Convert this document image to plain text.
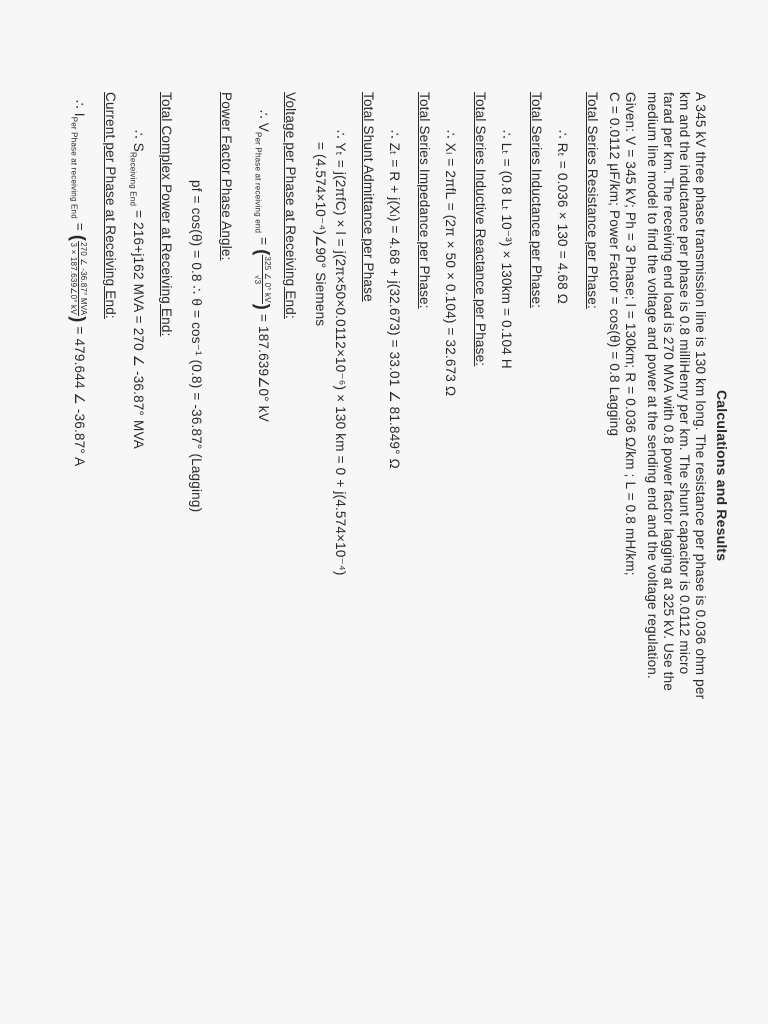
Calculations and Results
A 345 kV three phase transmission line is 130 km long. The resistance per phase is 0.036 ohm per
km and the inductance per phase is 0.8 milliHenry per km. The shunt capacitor is 0.0112 micro
farad per km. The receiving end load is 270 MVA with 0.8 power factor lagging at 325 kV. Use the
medium line model to find the voltage and power at the sending end and the voltage regulation.
Given: V = 345 kV; Ph = 3 Phase; l = 130km; R = 0.036 Ω/km ; L = 0.8 mH/km;
C = 0.0112 μF/km; Power Factor = cos(θ) = 0.8 Lagging
Total Series Resistance per Phase:
∴ Rₜ = 0.036 × 130 = 4.68 Ω
Total Series Inductance per Phase:
∴ Lₜ = (0.8 Lₜ 10⁻³) × 130km = 0.104 H
Total Series Inductive Reactance per Phase:
∴ Xₗ = 2πfL = (2π × 50 × 0.104) = 32.673 Ω
Total Series Impedance per Phase:
∴ Zₜ = R + j(Xₗ) = 4.68 + j(32.673) = 33.01 ∠ 81.849° Ω
Total Shunt Admittance per Phase
∴ Yₜ = j(2πfC) × l = j(2π×50×0.0112×10⁻⁶) × 130 km = 0 + j(4.574×10⁻⁴)
= (4.574×10⁻⁴)∠90° Siemens
Voltage per Phase at Receiving End:
∴ $V_{Per Phase at receiving end}$ = (
325 ∠ 0° kV
√3
) = 187.639∠0° kV
Power Factor Phase Angle:
pf = cos(θ) = 0.8 ∴ θ = cos⁻¹ (0.8) = -36.87° (Lagging)
Total Complex Power at Receiving End:
∴ $S_{Receiving End} = 216+j162$ MVA = 270 ∠ -36.87° MVA
Current per Phase at Receiving End:
∴ $I_{Per Phase at receiving End}$ = (
270 ∠ -36.87° MVA
3 × 187.639∠0° kV
) = 479.644 ∠ -36.87° A
